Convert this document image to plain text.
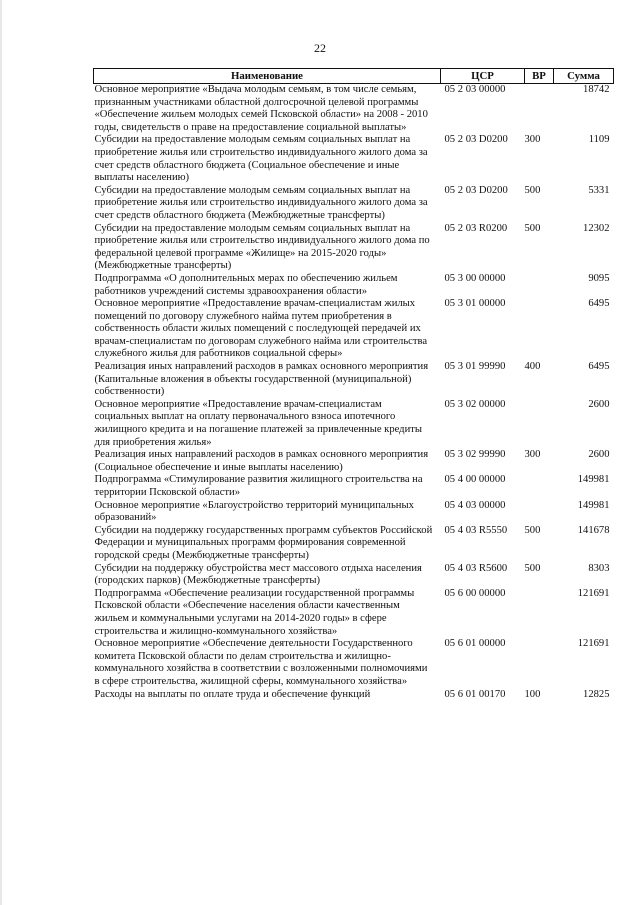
22
Наименование	ЦСР	ВР	Сумма
Основное мероприятие «Выдача молодым семьям, в том числе семьям, признанным участниками областной долгосрочной целевой программы «Обеспечение жильем молодых семей Псковской области» на 2008 - 2010 годы, свидетельств о праве на предоставление социальной выплаты»	05 2 03 00000		18742
Субсидии на предоставление молодым семьям социальных выплат на приобретение жилья или строительство индивидуального жилого дома за счет средств областного бюджета (Социальное обеспечение и иные выплаты населению)	05 2 03 D0200	300	1109
Субсидии на предоставление молодым семьям социальных выплат на приобретение жилья или строительство индивидуального жилого дома за счет средств областного бюджета (Межбюджетные трансферты)	05 2 03 D0200	500	5331
Субсидии на предоставление молодым семьям социальных выплат на приобретение жилья или строительство индивидуального жилого дома по федеральной целевой программе «Жилище» на 2015-2020 годы» (Межбюджетные трансферты)	05 2 03 R0200	500	12302
Подпрограмма «О дополнительных мерах по обеспечению жильем работников учреждений системы здравоохранения области»	05 3 00 00000		9095
Основное мероприятие «Предоставление врачам-специалистам жилых помещений по договору служебного найма путем приобретения в собственность области жилых помещений с последующей передачей их врачам-специалистам по договорам служебного найма или строительства служебного жилья для работников социальной сферы»	05 3 01 00000		6495
Реализация иных направлений расходов в рамках основного мероприятия (Капитальные вложения в объекты государственной (муниципальной) собственности)	05 3 01 99990	400	6495
Основное мероприятие «Предоставление врачам-специалистам социальных выплат на оплату первоначального взноса ипотечного жилищного кредита и на погашение платежей за привлеченные кредиты для приобретения жилья»	05 3 02 00000		2600
Реализация иных направлений расходов в рамках основного мероприятия (Социальное обеспечение и иные выплаты населению)	05 3 02 99990	300	2600
Подпрограмма «Стимулирование развития жилищного строительства на территории Псковской области»	05 4 00 00000		149981
Основное мероприятие «Благоустройство территорий муниципальных образований»	05 4 03 00000		149981
Субсидии на поддержку государственных программ субъектов Российской Федерации и муниципальных программ формирования современной городской среды (Межбюджетные трансферты)	05 4 03 R5550	500	141678
Субсидии на поддержку обустройства мест массового отдыха населения (городских парков) (Межбюджетные трансферты)	05 4 03 R5600	500	8303
Подпрограмма «Обеспечение реализации государственной программы Псковской области «Обеспечение населения области качественным жильем и коммунальными услугами на 2014-2020 годы» в сфере строительства и жилищно-коммунального хозяйства»	05 6 00 00000		121691
Основное мероприятие «Обеспечение деятельности Государственного комитета Псковской области по делам строительства и жилищно-коммунального хозяйства в соответствии с возложенными полномочиями в сфере строительства, жилищной сферы, коммунального хозяйства»	05 6 01 00000		121691
Расходы на выплаты по оплате труда и обеспечение функций	05 6 01 00170	100	12825
